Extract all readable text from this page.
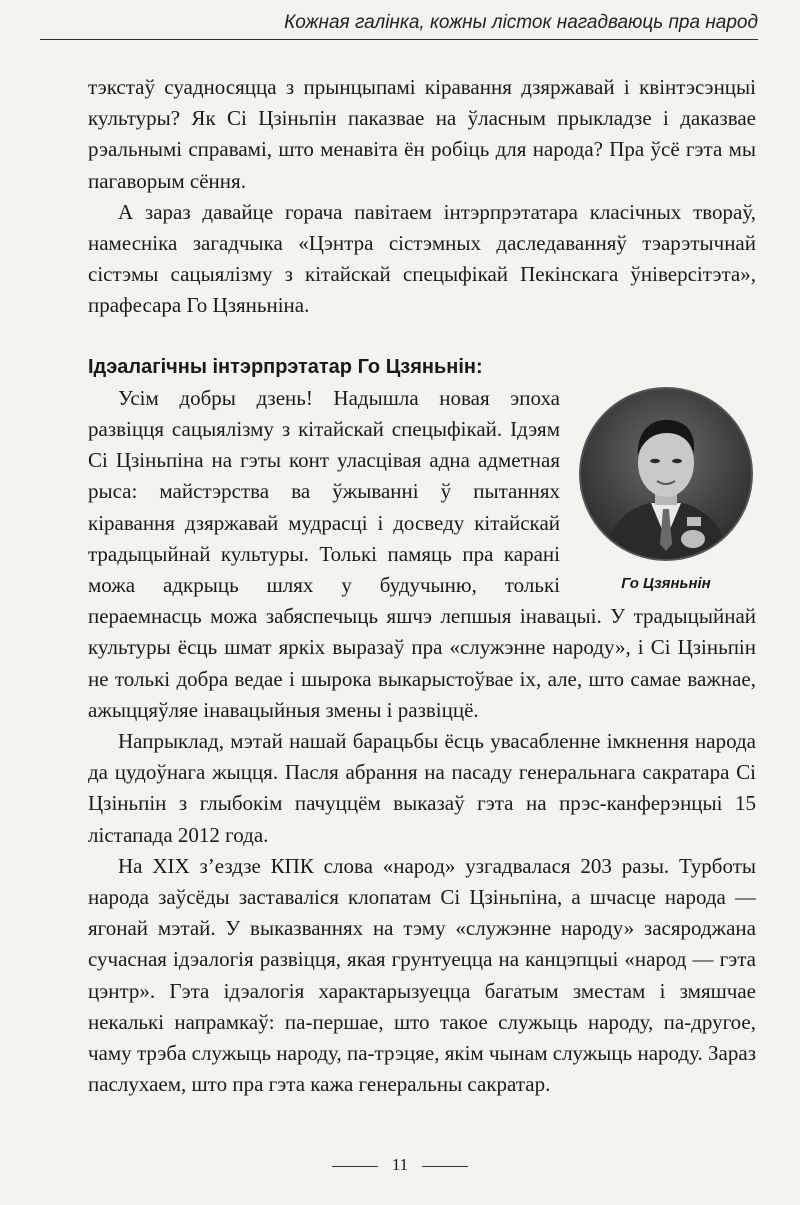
Кожная галінка, кожны лісток нагадваюць пра народ

тэкстаў суадносяцца з прынцыпамі кіравання дзяржавай і квінтэсэнцыі культуры? Як Сі Цзіньпін паказвае на ўласным прыкладзе і даказвае рэальнымі справамі, што менавіта ён робіць для народа? Пра ўсё гэта мы пагаворым сёння.

А зараз давайце горача павітаем інтэрпрэтатара класічных твораў, намесніка загадчыка «Цэнтра сістэмных даследаванняў тэарэтычнай сістэмы сацыялізму з кітайскай спецыфікай Пекінскага ўніверсітэта», прафесара Го Цзяньніна.

Ідэалагічны інтэрпрэтатар Го Цзяньнін:

Го Цзяньнін

Усім добры дзень! Надышла новая эпоха развіцця сацыялізму з кітайскай спецыфікай. Ідэям Сі Цзіньпіна на гэты конт уласцівая адна адметная рыса: майстэрства ва ўжыванні ў пытаннях кіравання дзяржавай мудрасці і досведу кітайскай традыцыйнай культуры. Толькі памяць пра карані можа адкрыць шлях у будучыню, толькі пераемнасць можа забяспечыць яшчэ лепшыя інавацыі. У традыцыйнай культуры ёсць шмат яркіх выразаў пра «служэнне народу», і Сі Цзіньпін не толькі добра ведае і шырока выкарыстоўвае іх, але, што самае важнае, ажыццяўляе інавацыйныя змены і развіццё.

Напрыклад, мэтай нашай барацьбы ёсць увасабленне імкнення народа да цудоўнага жыцця. Пасля абрання на пасаду генеральнага сакратара Сі Цзіньпін з глыбокім пачуццём выказаў гэта на прэс-канферэнцыі 15 лістапада 2012 года.

На XIX з’ездзе КПК слова «народ» узгадвалася 203 разы. Турботы народа заўсёды заставаліся клопатам Сі Цзіньпіна, а шчасце народа — ягонай мэтай. У выказваннях на тэму «служэнне народу» засяроджана сучасная ідэалогія развіцця, якая грунтуецца на канцэпцыі «народ — гэта цэнтр». Гэта ідэалогія характарызуецца багатым зместам і змяшчае некалькі напрамкаў: па-першае, што такое служыць народу, па-другое, чаму трэба служыць народу, па-трэцяе, якім чынам служыць народу. Зараз паслухаем, што пра гэта кажа генеральны сакратар.

11
